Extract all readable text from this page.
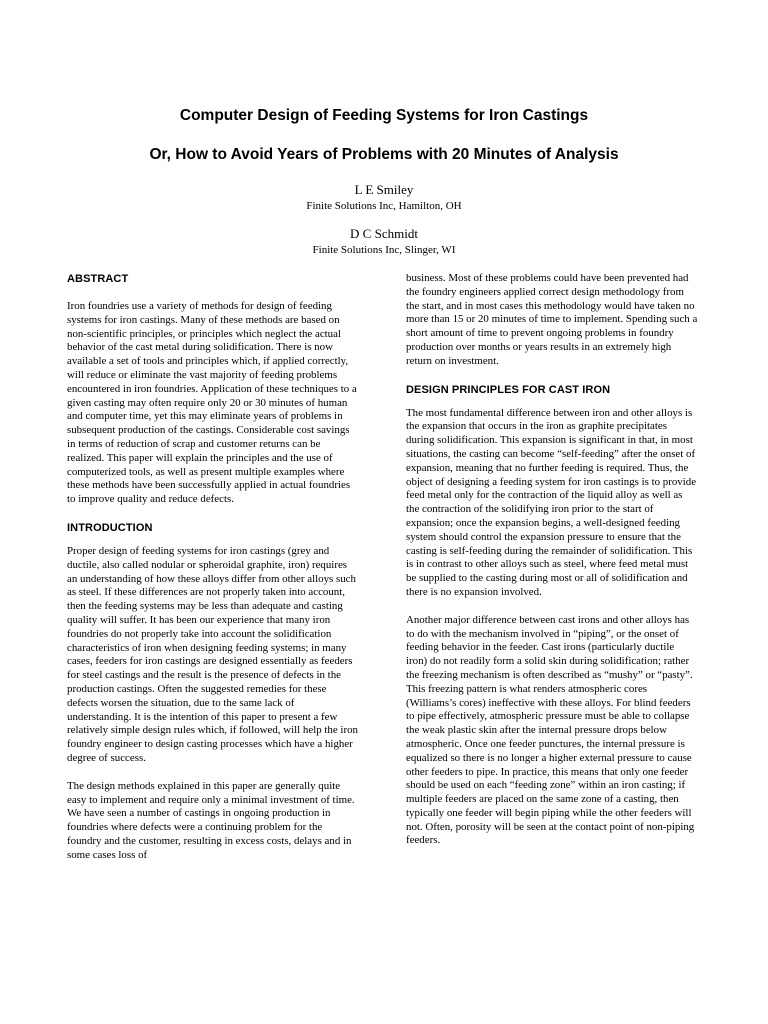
Computer Design of Feeding Systems for Iron Castings
Or, How to Avoid Years of Problems with 20 Minutes of Analysis
L E Smiley
Finite Solutions Inc, Hamilton, OH
D C Schmidt
Finite Solutions Inc, Slinger, WI
ABSTRACT

Iron foundries use a variety of methods for design of feeding systems for iron castings. Many of these methods are based on non-scientific principles, or principles which neglect the actual behavior of the cast metal during solidification. There is now available a set of tools and principles which, if applied correctly, will reduce or eliminate the vast majority of feeding problems encountered in iron foundries. Application of these techniques to a given casting may often require only 20 or 30 minutes of human and computer time, yet this may eliminate years of problems in subsequent production of the castings. Considerable cost savings in terms of reduction of scrap and customer returns can be realized. This paper will explain the principles and the use of computerized tools, as well as present multiple examples where these methods have been successfully applied in actual foundries to improve quality and reduce defects.

INTRODUCTION

Proper design of feeding systems for iron castings (grey and ductile, also called nodular or spheroidal graphite, iron) requires an understanding of how these alloys differ from other alloys such as steel. If these differences are not properly taken into account, then the feeding systems may be less than adequate and casting quality will suffer. It has been our experience that many iron foundries do not properly take into account the solidification characteristics of iron when designing feeding systems; in many cases, feeders for iron castings are designed essentially as feeders for steel castings and the result is the presence of defects in the production castings. Often the suggested remedies for these defects worsen the situation, due to the same lack of understanding. It is the intention of this paper to present a few relatively simple design rules which, if followed, will help the iron foundry engineer to design casting processes which have a higher degree of success.

The design methods explained in this paper are generally quite easy to implement and require only a minimal investment of time. We have seen a number of castings in ongoing production in foundries where defects were a continuing problem for the foundry and the customer, resulting in excess costs, delays and in some cases loss of

business. Most of these problems could have been prevented had the foundry engineers applied correct design methodology from the start, and in most cases this methodology would have taken no more than 15 or 20 minutes of time to implement. Spending such a short amount of time to prevent ongoing problems in foundry production over months or years results in an extremely high return on investment.

DESIGN PRINCIPLES FOR CAST IRON

The most fundamental difference between iron and other alloys is the expansion that occurs in the iron as graphite precipitates during solidification. This expansion is significant in that, in most situations, the casting can become “self-feeding” after the onset of expansion, meaning that no further feeding is required. Thus, the object of designing a feeding system for iron castings is to provide feed metal only for the contraction of the liquid alloy as well as the contraction of the solidifying iron prior to the start of expansion; once the expansion begins, a well-designed feeding system should control the expansion pressure to ensure that the casting is self-feeding during the remainder of solidification. This is in contrast to other alloys such as steel, where feed metal must be supplied to the casting during most or all of solidification and there is no expansion involved.

Another major difference between cast irons and other alloys has to do with the mechanism involved in “piping”, or the onset of feeding behavior in the feeder. Cast irons (particularly ductile iron) do not readily form a solid skin during solidification; rather the freezing mechanism is often described as “mushy” or “pasty”. This freezing pattern is what renders atmospheric cores (Williams’s cores) ineffective with these alloys. For blind feeders to pipe effectively, atmospheric pressure must be able to collapse the weak plastic skin after the internal pressure drops below atmospheric. Once one feeder punctures, the internal pressure is equalized so there is no longer a higher external pressure to cause other feeders to pipe. In practice, this means that only one feeder should be used on each “feeding zone” within an iron casting; if multiple feeders are placed on the same zone of a casting, then typically one feeder will begin piping while the other feeders will not. Often, porosity will be seen at the contact point of non-piping feeders.
